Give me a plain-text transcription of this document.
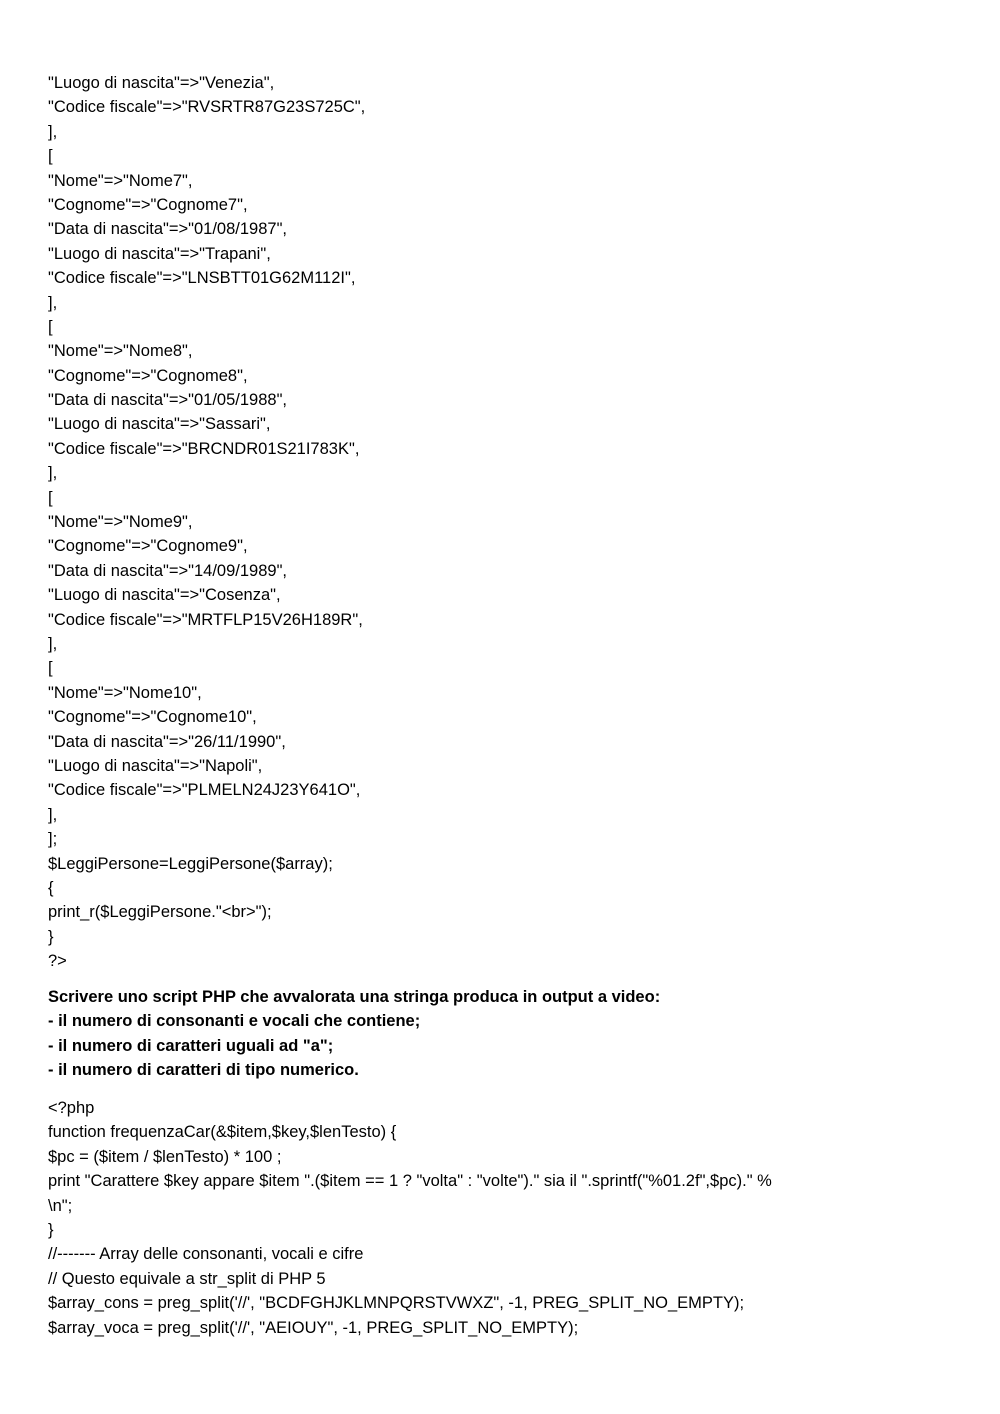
"Luogo di nascita"=>"Venezia",
"Codice fiscale"=>"RVSRTR87G23S725C",
],
[
"Nome"=>"Nome7",
"Cognome"=>"Cognome7",
"Data di nascita"=>"01/08/1987",
"Luogo di nascita"=>"Trapani",
"Codice fiscale"=>"LNSBTT01G62M112I",
],
[
"Nome"=>"Nome8",
"Cognome"=>"Cognome8",
"Data di nascita"=>"01/05/1988",
"Luogo di nascita"=>"Sassari",
"Codice fiscale"=>"BRCNDR01S21I783K",
],
[
"Nome"=>"Nome9",
"Cognome"=>"Cognome9",
"Data di nascita"=>"14/09/1989",
"Luogo di nascita"=>"Cosenza",
"Codice fiscale"=>"MRTFLP15V26H189R",
],
[
"Nome"=>"Nome10",
"Cognome"=>"Cognome10",
"Data di nascita"=>"26/11/1990",
"Luogo di nascita"=>"Napoli",
"Codice fiscale"=>"PLMELN24J23Y641O",
],
];
$LeggiPersone=LeggiPersone($array);
{
print_r($LeggiPersone."<br>");
}
?>
Scrivere uno script PHP che avvalorata una stringa produca in output a video:
- il numero di consonanti e vocali che contiene;
- il numero di caratteri uguali ad "a";
- il numero di caratteri di tipo numerico.
<?php
function frequenzaCar(&$item,$key,$lenTesto) {
$pc = ($item / $lenTesto) * 100 ;
print "Carattere $key appare $item ".($item == 1 ? "volta" : "volte")." sia il ".sprintf("%01.2f",$pc)." %
\n";
}
//------- Array delle consonanti, vocali e cifre
// Questo equivale a str_split di PHP 5
$array_cons = preg_split('//', "BCDFGHJKLMNPQRSTVWXZ", -1, PREG_SPLIT_NO_EMPTY);
$array_voca = preg_split('//', "AEIOUY", -1, PREG_SPLIT_NO_EMPTY);
